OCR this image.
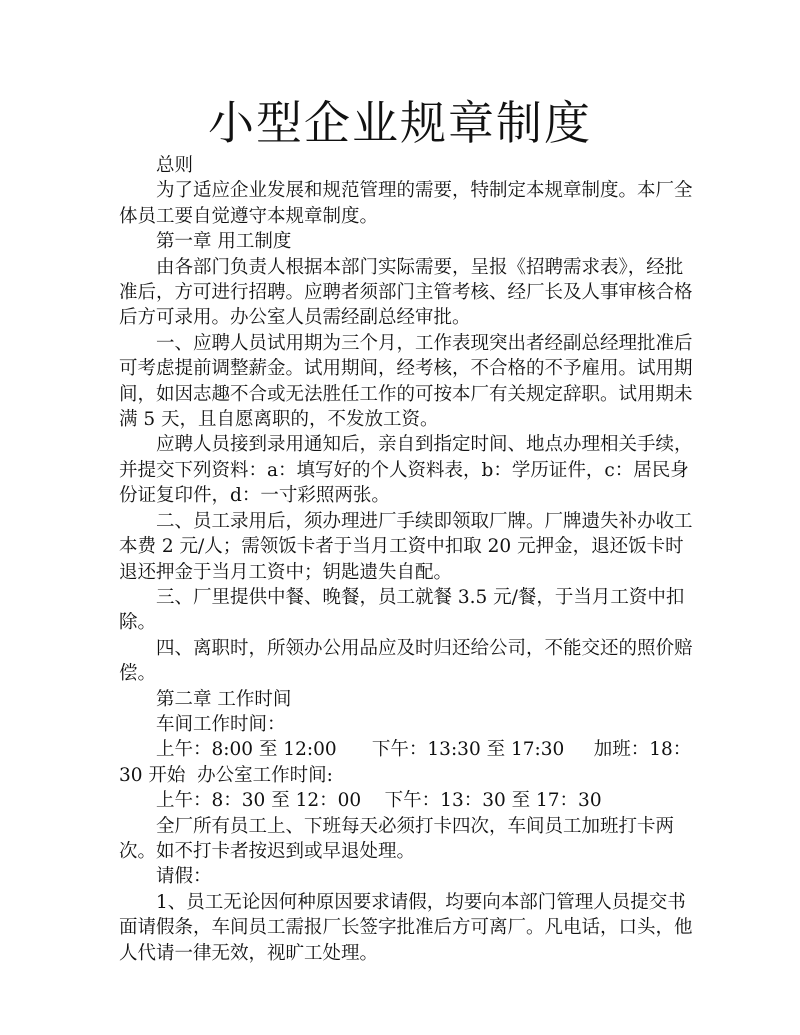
小型企业规章制度

总则

为了适应企业发展和规范管理的需要，特制定本规章制度。本厂全体员工要自觉遵守本规章制度。

第一章 用工制度

由各部门负责人根据本部门实际需要，呈报《招聘需求表》，经批准后，方可进行招聘。应聘者须部门主管考核、经厂长及人事审核合格后方可录用。办公室人员需经副总经审批。

一、应聘人员试用期为三个月，工作表现突出者经副总经理批准后可考虑提前调整薪金。试用期间，经考核，不合格的不予雇用。试用期间，如因志趣不合或无法胜任工作的可按本厂有关规定辞职。试用期未满 5 天，且自愿离职的，不发放工资。

应聘人员接到录用通知后，亲自到指定时间、地点办理相关手续，并提交下列资料：a：填写好的个人资料表，b：学历证件，c：居民身份证复印件，d：一寸彩照两张。

二、员工录用后，须办理进厂手续即领取厂牌。厂牌遗失补办收工本费 2 元/人；需领饭卡者于当月工资中扣取 20 元押金，退还饭卡时退还押金于当月工资中；钥匙遗失自配。

三、厂里提供中餐、晚餐，员工就餐 3.5 元/餐，于当月工资中扣除。

四、离职时，所领办公用品应及时归还给公司，不能交还的照价赔偿。

第二章 工作时间

车间工作时间：

上午：8:00 至 12:00      下午：13:30 至 17:30     加班：18：30 开始  办公室工作时间:

上午：8：30 至 12：00    下午：13：30 至 17：30

全厂所有员工上、下班每天必须打卡四次，车间员工加班打卡两次。如不打卡者按迟到或早退处理。

请假：

1、员工无论因何种原因要求请假，均要向本部门管理人员提交书面请假条，车间员工需报厂长签字批准后方可离厂。凡电话，口头，他人代请一律无效，视旷工处理。
